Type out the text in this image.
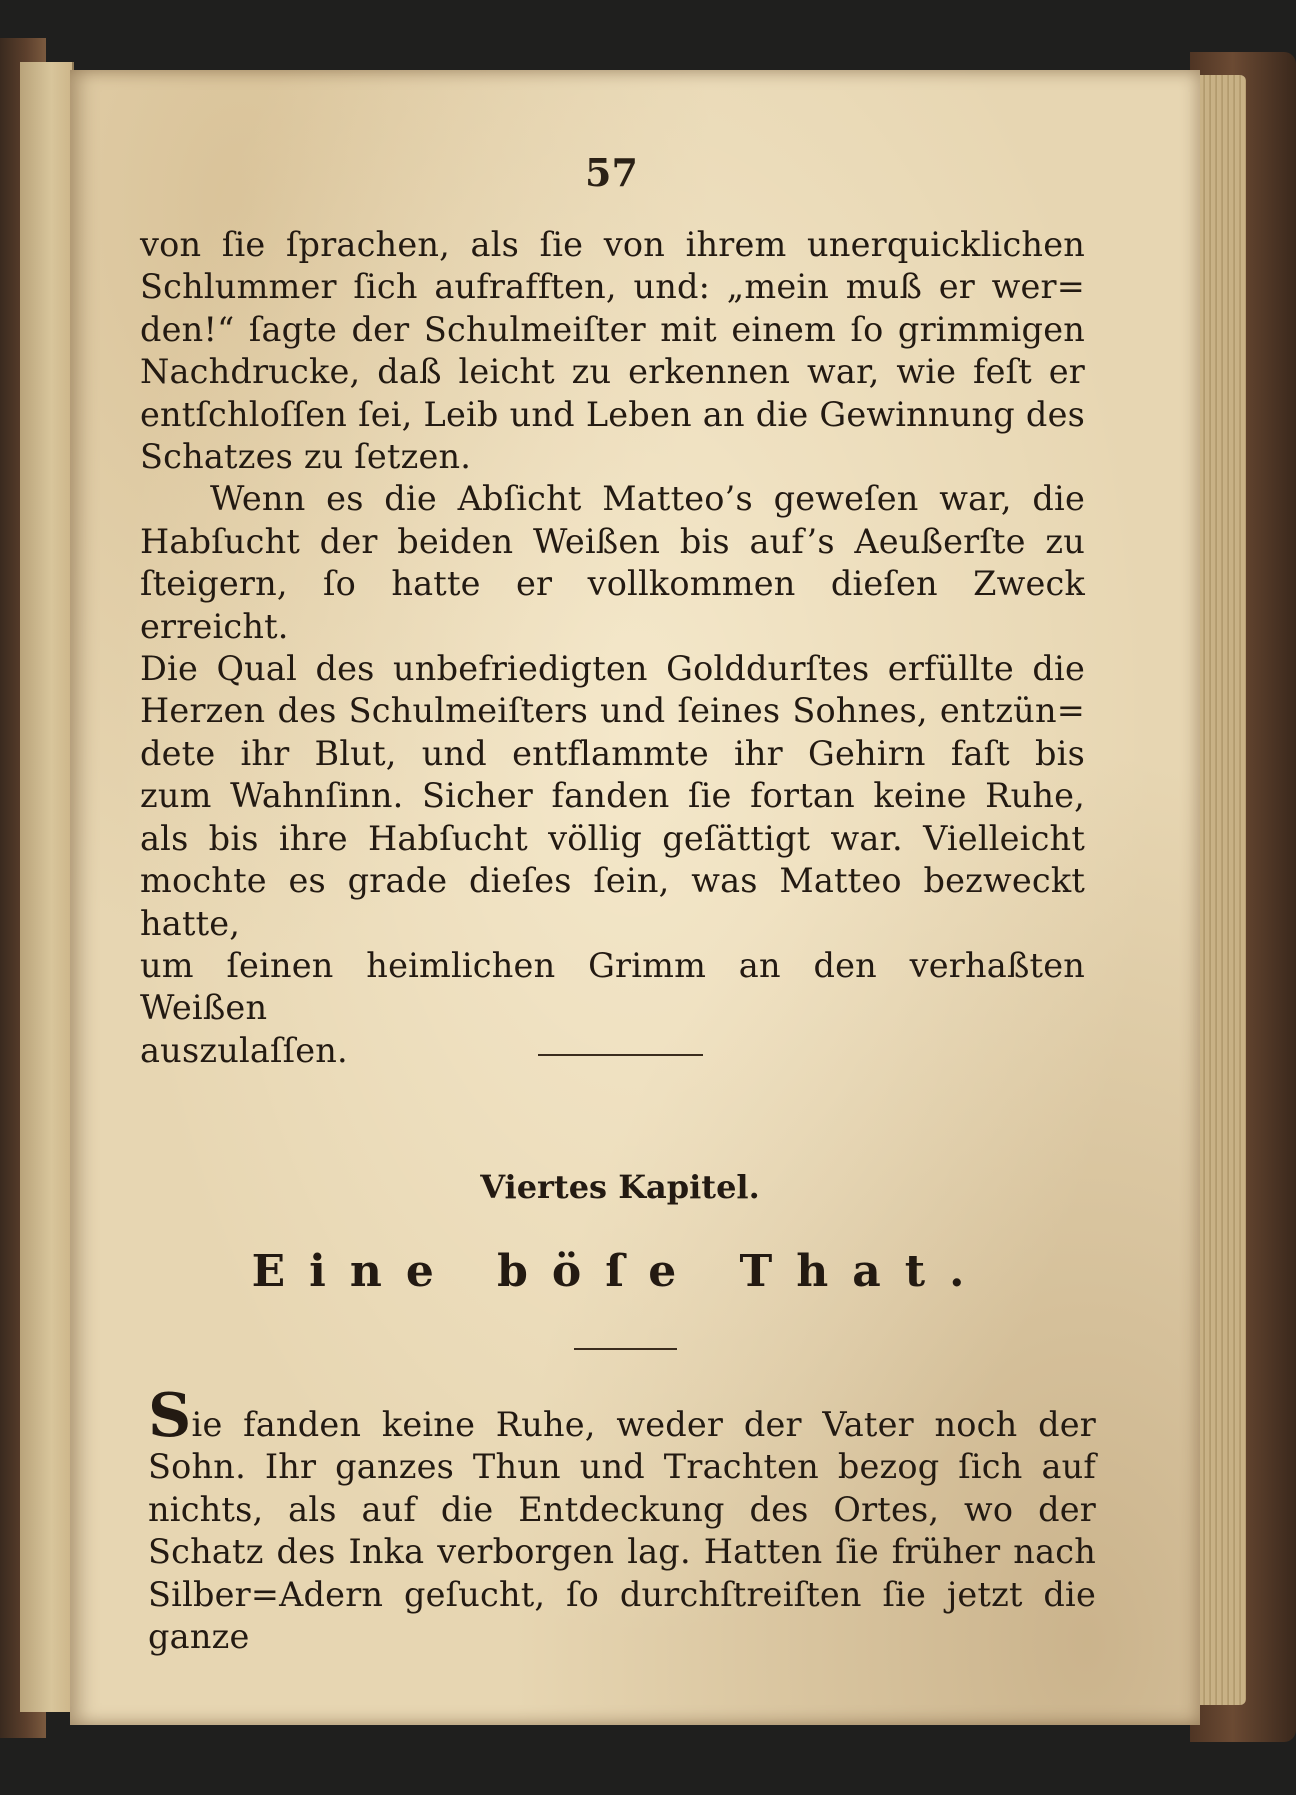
57
von ſie ſprachen, als ſie von ihrem unerquicklichen
Schlummer ſich aufrafften, und: „mein muß er wer=
den!“ ſagte der Schulmeiſter mit einem ſo grimmigen
Nachdrucke, daß leicht zu erkennen war, wie feſt er
entſchloſſen ſei, Leib und Leben an die Gewinnung des
Schatzes zu ſetzen.
Wenn es die Abſicht Matteo’s geweſen war, die
Habſucht der beiden Weißen bis auf’s Aeußerſte zu
ſteigern, ſo hatte er vollkommen dieſen Zweck erreicht.
Die Qual des unbefriedigten Golddurſtes erfüllte die
Herzen des Schulmeiſters und ſeines Sohnes, entzün=
dete ihr Blut, und entflammte ihr Gehirn faſt bis
zum Wahnſinn. Sicher fanden ſie fortan keine Ruhe,
als bis ihre Habſucht völlig geſättigt war. Vielleicht
mochte es grade dieſes ſein, was Matteo bezweckt hatte,
um ſeinen heimlichen Grimm an den verhaßten Weißen
auszulaſſen.
Viertes Kapitel.
Eine böſe That.
Sie fanden keine Ruhe, weder der Vater noch der
Sohn. Ihr ganzes Thun und Trachten bezog ſich auf
nichts, als auf die Entdeckung des Ortes, wo der
Schatz des Inka verborgen lag. Hatten ſie früher nach
Silber=Adern geſucht, ſo durchſtreiſten ſie jetzt die ganze
